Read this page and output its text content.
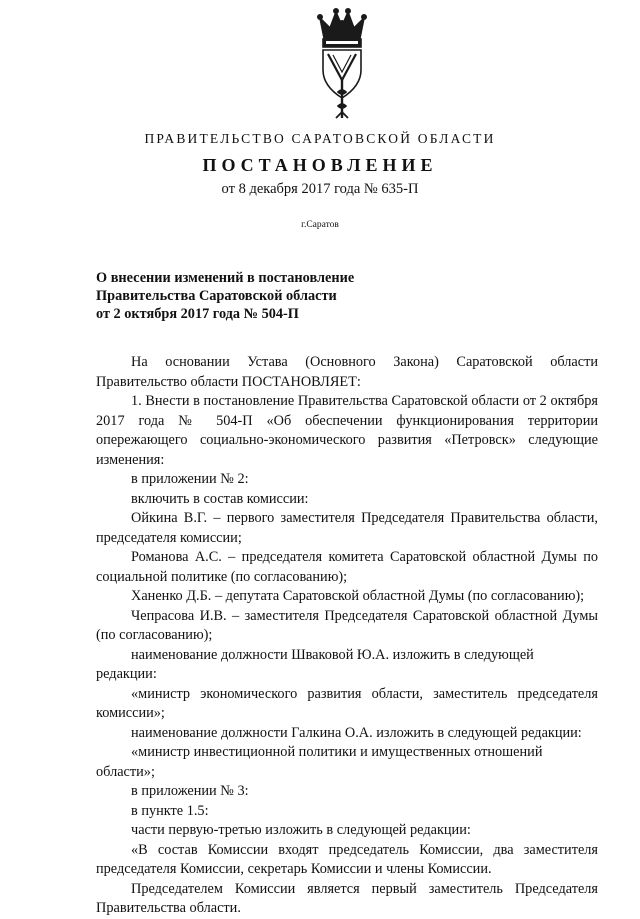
ПРАВИТЕЛЬСТВО САРАТОВСКОЙ ОБЛАСТИ
ПОСТАНОВЛЕНИЕ
от 8 декабря 2017 года № 635-П
г.Саратов
О внесении изменений в постановление
Правительства Саратовской области
от 2 октября 2017 года № 504-П

На основании Устава (Основного Закона) Саратовской области Правительство области ПОСТАНОВЛЯЕТ:

1. Внести в постановление Правительства Саратовской области от 2 октября 2017 года № 504-П «Об обеспечении функционирования территории опережающего социально-экономического развития «Петровск» следующие изменения:

в приложении № 2:

включить в состав комиссии:

Ойкина В.Г. – первого заместителя Председателя Правительства области, председателя комиссии;

Романова А.С. – председателя комитета Саратовской областной Думы по социальной политике (по согласованию);

Ханенко Д.Б. – депутата Саратовской областной Думы (по согласованию);

Чепрасова И.В. – заместителя Председателя Саратовской областной Думы (по согласованию);

наименование должности Шваковой Ю.А. изложить в следующей редакции:

«министр экономического развития области, заместитель председателя комиссии»;

наименование должности Галкина О.А. изложить в следующей редакции:

«министр инвестиционной политики и имущественных отношений области»;

в приложении № 3:

в пункте 1.5:

части первую-третью изложить в следующей редакции:

«В состав Комиссии входят председатель Комиссии, два заместителя председателя Комиссии, секретарь Комиссии и члены Комиссии.

Председателем Комиссии является первый заместитель Председателя Правительства области.
